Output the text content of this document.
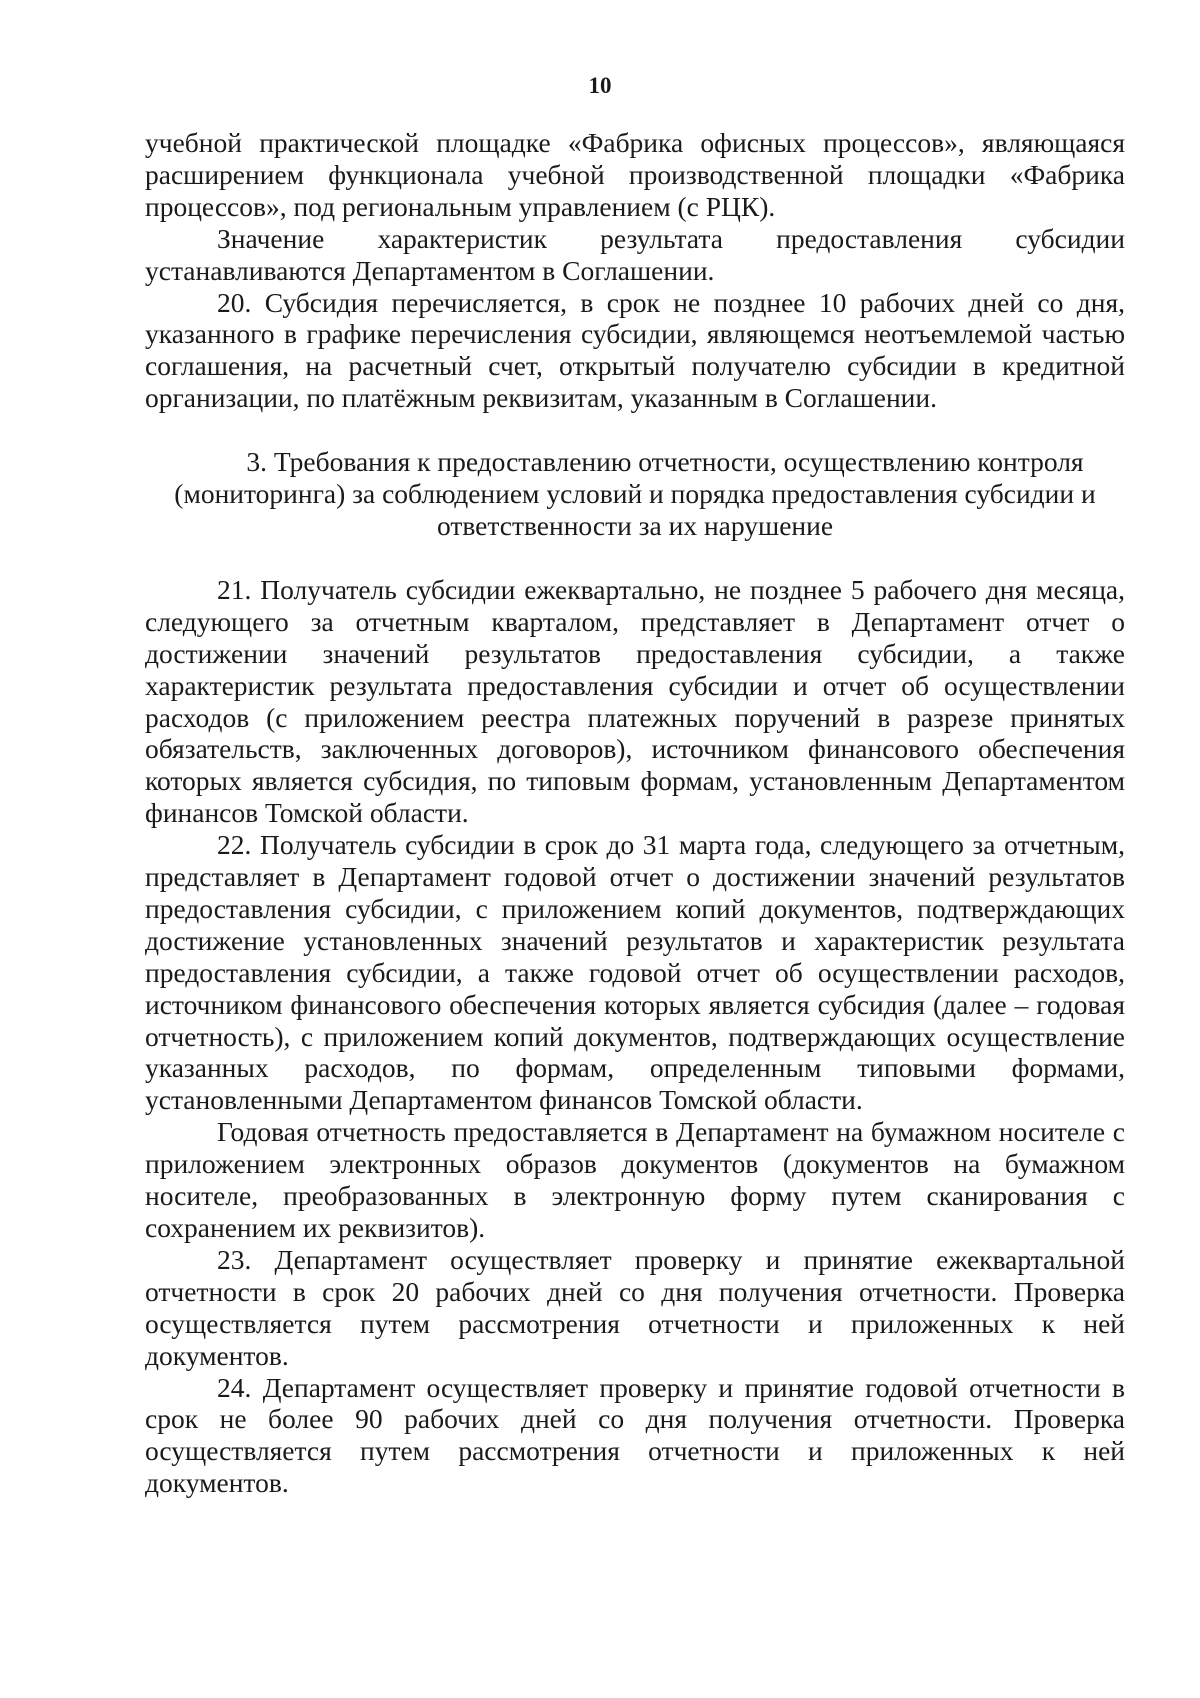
10

учебной практической площадке «Фабрика офисных процессов», являющаяся расширением функционала учебной производственной площадки «Фабрика процессов», под региональным управлением (с РЦК).

Значение характеристик результата предоставления субсидии устанавливаются Департаментом в Соглашении.

20. Субсидия перечисляется, в срок не позднее 10 рабочих дней со дня, указанного в графике перечисления субсидии, являющемся неотъемлемой частью соглашения, на расчетный счет, открытый получателю субсидии в кредитной организации, по платёжным реквизитам, указанным в Соглашении.

3. Требования к предоставлению отчетности, осуществлению контроля
(мониторинга) за соблюдением условий и порядка предоставления субсидии и
ответственности за их нарушение

21. Получатель субсидии ежеквартально, не позднее 5 рабочего дня месяца, следующего за отчетным кварталом, представляет в Департамент отчет о достижении значений результатов предоставления субсидии, а также характеристик результата предоставления субсидии и отчет об осуществлении расходов (с приложением реестра платежных поручений в разрезе принятых обязательств, заключенных договоров), источником финансового обеспечения которых является субсидия, по типовым формам, установленным Департаментом финансов Томской области.

22. Получатель субсидии в срок до 31 марта года, следующего за отчетным, представляет в Департамент годовой отчет о достижении значений результатов предоставления субсидии, с приложением копий документов, подтверждающих достижение установленных значений результатов и характеристик результата предоставления субсидии, а также годовой отчет об осуществлении расходов, источником финансового обеспечения которых является субсидия (далее – годовая отчетность), с приложением копий документов, подтверждающих осуществление указанных расходов, по формам, определенным типовыми формами, установленными Департаментом финансов Томской области.

Годовая отчетность предоставляется в Департамент на бумажном носителе с приложением электронных образов документов (документов на бумажном носителе, преобразованных в электронную форму путем сканирования с сохранением их реквизитов).

23. Департамент осуществляет проверку и принятие ежеквартальной отчетности в срок 20 рабочих дней со дня получения отчетности. Проверка осуществляется путем рассмотрения отчетности и приложенных к ней документов.

24. Департамент осуществляет проверку и принятие годовой отчетности в срок не более 90 рабочих дней со дня получения отчетности. Проверка осуществляется путем рассмотрения отчетности и приложенных к ней документов.
